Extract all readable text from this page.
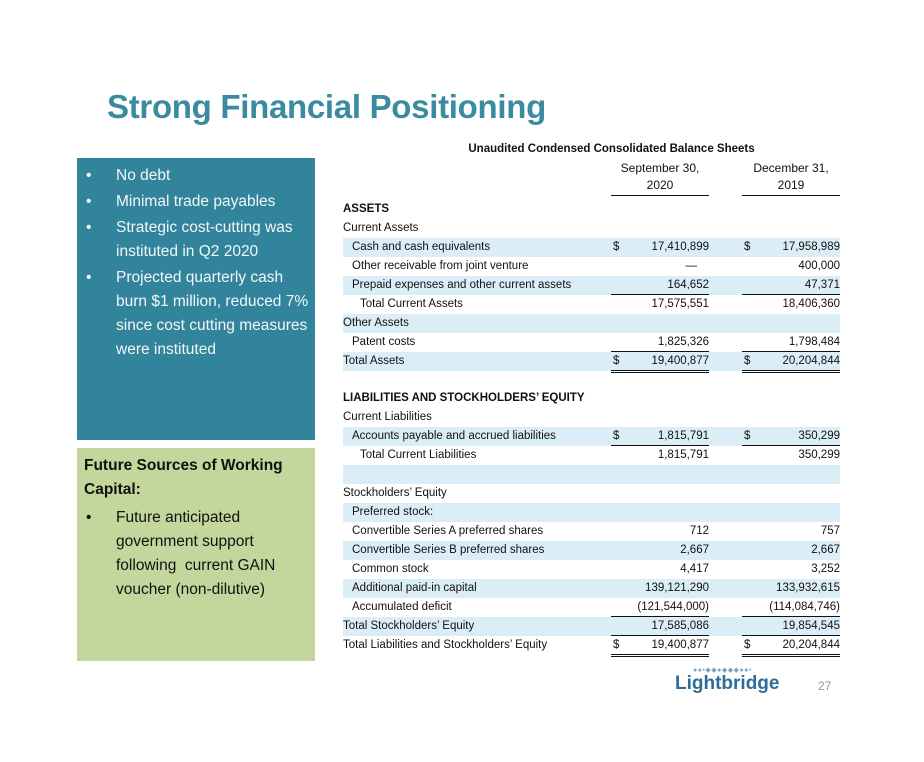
Strong Financial Positioning
• No debt
• Minimal trade payables
• Strategic cost-cutting was instituted in Q2 2020
• Projected quarterly cash burn $1 million, reduced 7% since cost cutting measures were instituted
Future Sources of Working Capital:
• Future anticipated government support following  current GAIN voucher (non-dilutive)
Unaudited Condensed Consolidated Balance Sheets
September 30,
2020
December 31,
2019
ASSETS
Current Assets
Cash and cash equivalents	$	17,410,899	$	17,958,989
Other receivable from joint venture	—	400,000
Prepaid expenses and other current assets	164,652	47,371
Total Current Assets	17,575,551	18,406,360
Other Assets
Patent costs	1,825,326	1,798,484
Total Assets	$	19,400,877	$	20,204,844
LIABILITIES AND STOCKHOLDERS’ EQUITY
Current Liabilities
Accounts payable and accrued liabilities	$	1,815,791	$	350,299
Total Current Liabilities	1,815,791	350,299
Stockholders’ Equity
Preferred stock:
Convertible Series A preferred shares	712	757
Convertible Series B preferred shares	2,667	2,667
Common stock	4,417	3,252
Additional paid-in capital	139,121,290	133,932,615
Accumulated deficit	(121,544,000)	(114,084,746)
Total Stockholders’ Equity	17,585,086	19,854,545
Total Liabilities and Stockholders’ Equity	$	19,400,877	$	20,204,844
●●•◆◆●◆◆◆●●•
Lightbridge	27
